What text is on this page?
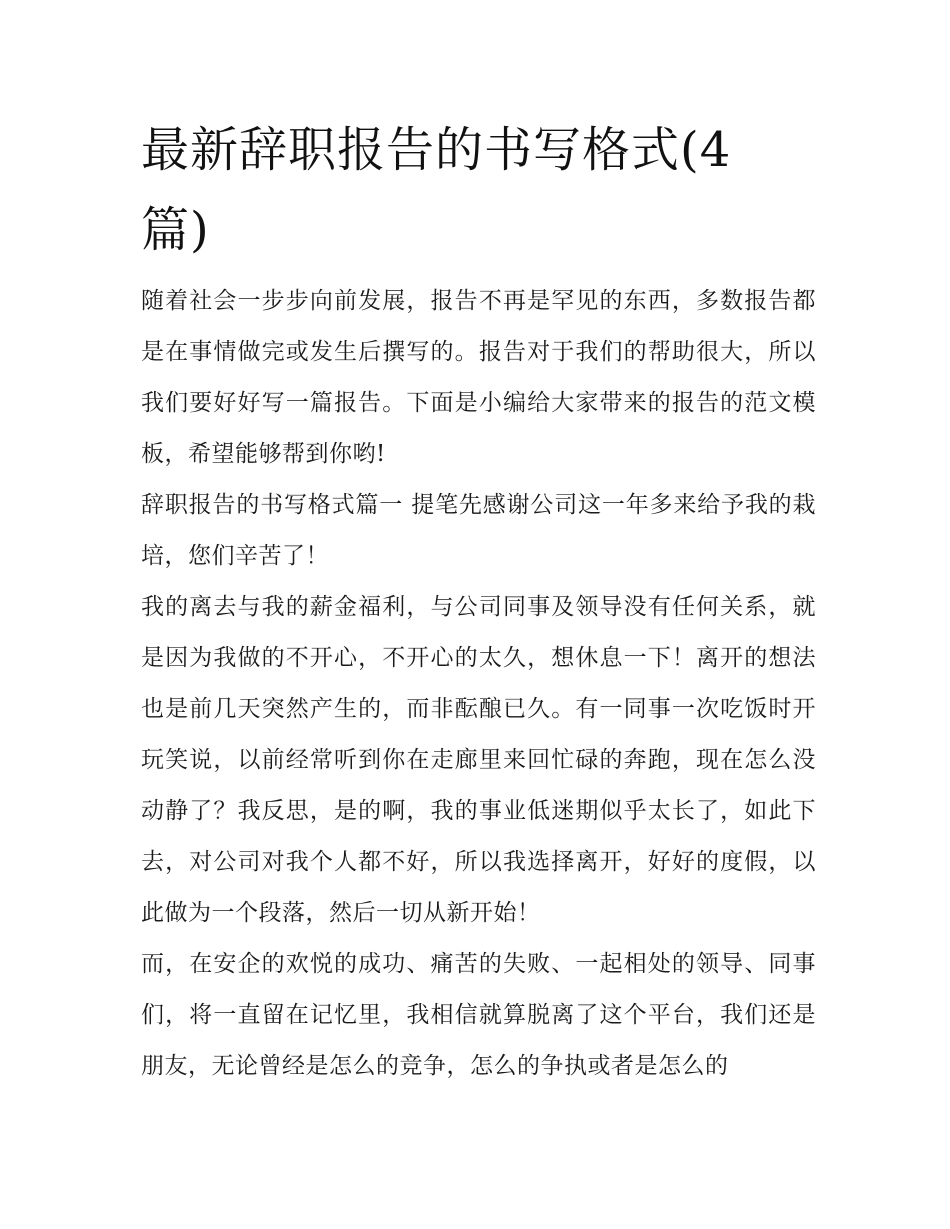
最新辞职报告的书写格式(4篇)

随着社会一步步向前发展，报告不再是罕见的东西，多数报告都是在事情做完或发生后撰写的。报告对于我们的帮助很大，所以我们要好好写一篇报告。下面是小编给大家带来的报告的范文模板，希望能够帮到你哟!

辞职报告的书写格式篇一 提笔先感谢公司这一年多来给予我的栽培，您们辛苦了！

我的离去与我的薪金福利，与公司同事及领导没有任何关系，就是因为我做的不开心，不开心的太久，想休息一下！离开的想法也是前几天突然产生的，而非酝酿已久。有一同事一次吃饭时开玩笑说，以前经常听到你在走廊里来回忙碌的奔跑，现在怎么没动静了？我反思，是的啊，我的事业低迷期似乎太长了，如此下去，对公司对我个人都不好，所以我选择离开，好好的度假，以此做为一个段落，然后一切从新开始！

而，在安企的欢悦的成功、痛苦的失败、一起相处的领导、同事们，将一直留在记忆里，我相信就算脱离了这个平台，我们还是朋友，无论曾经是怎么的竞争，怎么的争执或者是怎么的
